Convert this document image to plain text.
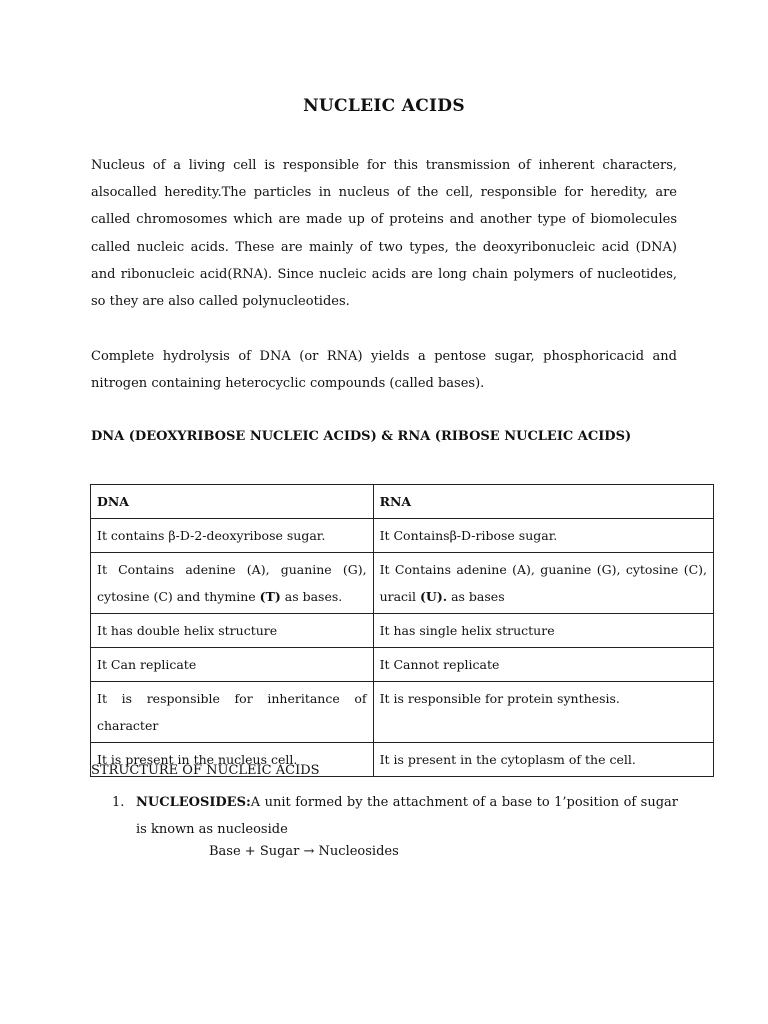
NUCLEIC ACIDS

Nucleus of a living cell is responsible for this transmission of inherent characters, alsocalled heredity.The particles in nucleus of the cell, responsible for heredity, are called chromosomes which are made up of proteins and another type of biomolecules called nucleic acids. These are mainly of two types, the deoxyribonucleic acid (DNA) and ribonucleic acid(RNA). Since nucleic acids are long chain polymers of nucleotides, so they are also called polynucleotides.

Complete hydrolysis of DNA (or RNA) yields a pentose sugar, phosphoricacid and nitrogen containing heterocyclic compounds (called bases).

DNA (DEOXYRIBOSE NUCLEIC ACIDS) & RNA (RIBOSE NUCLEIC ACIDS)

DNA	RNA
It contains β-D-2-deoxyribose sugar.	It Containsβ-D-ribose sugar.
It Contains adenine (A), guanine (G), cytosine (C) and thymine (T) as bases.	It Contains adenine (A), guanine (G), cytosine (C), uracil (U). as bases
It has double helix structure	It has single helix structure
It Can replicate	It Cannot replicate
It is responsible for inheritance of character	It is responsible for protein synthesis.
It is present in the nucleus cell.	It is present in the cytoplasm of the cell.

STRUCTURE OF NUCLEIC ACIDS

1. NUCLEOSIDES:A unit formed by the attachment of a base to 1’position of sugar is known as nucleoside
Base + Sugar → Nucleosides
